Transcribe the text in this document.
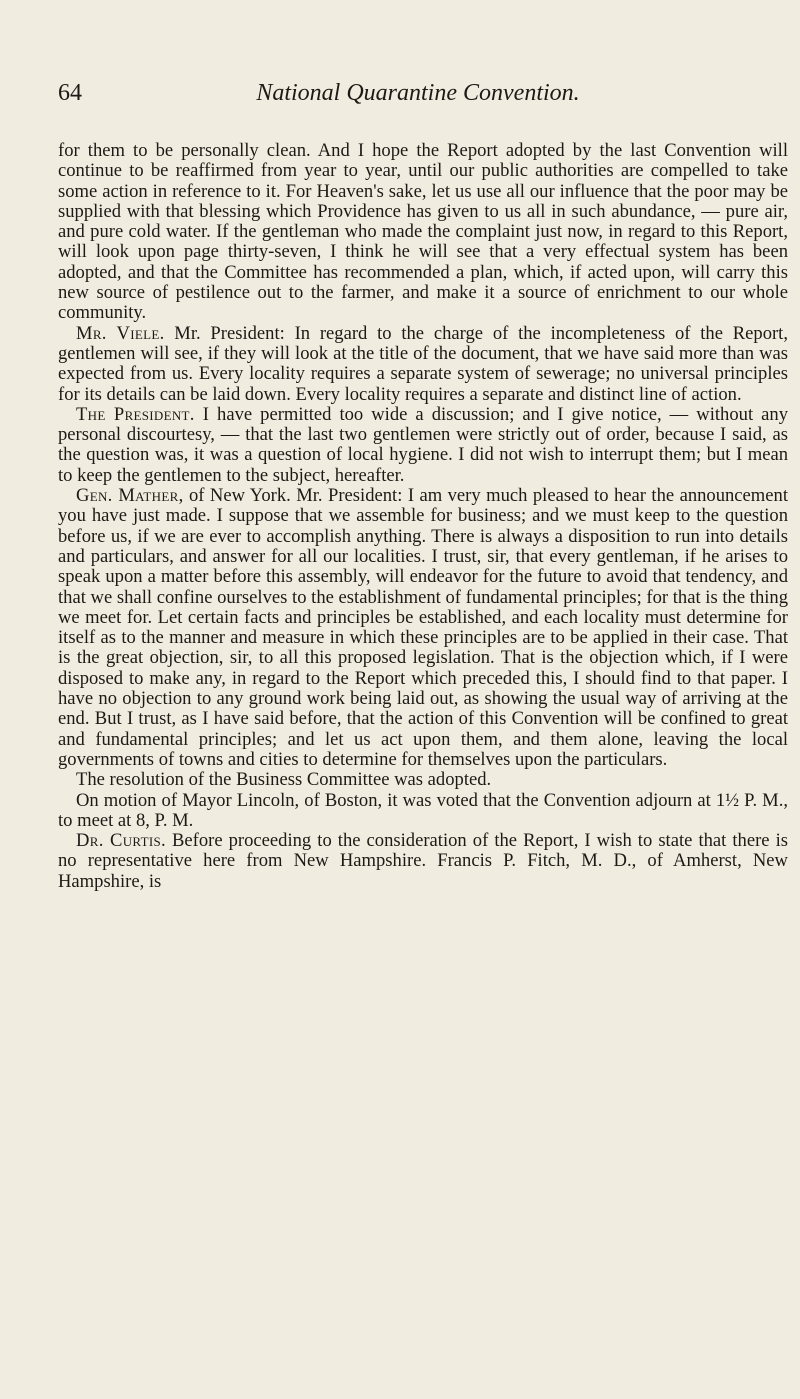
64	National Quarantine Convention.

for them to be personally clean. And I hope the Report adopted by the last Convention will continue to be reaffirmed from year to year, until our public authorities are compelled to take some action in reference to it. For Heaven's sake, let us use all our influence that the poor may be supplied with that blessing which Providence has given to us all in such abundance, — pure air, and pure cold water. If the gentleman who made the complaint just now, in regard to this Report, will look upon page thirty-seven, I think he will see that a very effectual system has been adopted, and that the Committee has recommended a plan, which, if acted upon, will carry this new source of pestilence out to the farmer, and make it a source of enrichment to our whole community.

Mr. Viele. Mr. President: In regard to the charge of the incompleteness of the Report, gentlemen will see, if they will look at the title of the document, that we have said more than was expected from us. Every locality requires a separate system of sewerage; no universal principles for its details can be laid down. Every locality requires a separate and distinct line of action.

The President. I have permitted too wide a discussion; and I give notice, — without any personal discourtesy, — that the last two gentlemen were strictly out of order, because I said, as the question was, it was a question of local hygiene. I did not wish to interrupt them; but I mean to keep the gentlemen to the subject, hereafter.

Gen. Mather, of New York. Mr. President: I am very much pleased to hear the announcement you have just made. I suppose that we assemble for business; and we must keep to the question before us, if we are ever to accomplish anything. There is always a disposition to run into details and particulars, and answer for all our localities. I trust, sir, that every gentleman, if he arises to speak upon a matter before this assembly, will endeavor for the future to avoid that tendency, and that we shall confine ourselves to the establishment of fundamental principles; for that is the thing we meet for. Let certain facts and principles be established, and each locality must determine for itself as to the manner and measure in which these principles are to be applied in their case. That is the great objection, sir, to all this proposed legislation. That is the objection which, if I were disposed to make any, in regard to the Report which preceded this, I should find to that paper. I have no objection to any ground work being laid out, as showing the usual way of arriving at the end. But I trust, as I have said before, that the action of this Convention will be confined to great and fundamental principles; and let us act upon them, and them alone, leaving the local governments of towns and cities to determine for themselves upon the particulars.

The resolution of the Business Committee was adopted.

On motion of Mayor Lincoln, of Boston, it was voted that the Convention adjourn at 1½ P. M., to meet at 8, P. M.

Dr. Curtis. Before proceeding to the consideration of the Report, I wish to state that there is no representative here from New Hampshire. Francis P. Fitch, M. D., of Amherst, New Hampshire, is
